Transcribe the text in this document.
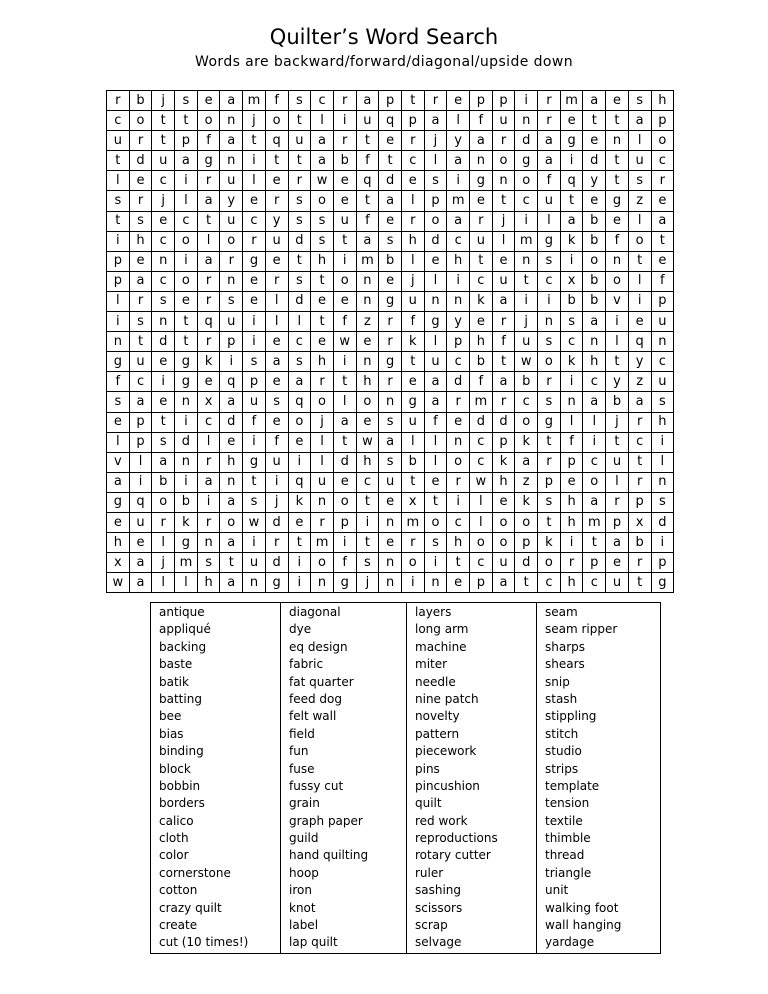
Quilter’s Word Search
Words are backward/forward/diagonal/upside down
r	b	j	s	e	a	m	f	s	c	r	a	p	t	r	e	p	p	i	r	m	a	e	s	h
c	o	t	t	o	n	j	o	t	l	i	u	q	p	a	l	f	u	n	r	e	t	t	a	p
u	r	t	p	f	a	t	q	u	a	r	t	e	r	j	y	a	r	d	a	g	e	n	l	o
t	d	u	a	g	n	i	t	t	a	b	f	t	c	l	a	n	o	g	a	i	d	t	u	c
l	e	c	i	r	u	l	e	r	w	e	q	d	e	s	i	g	n	o	f	q	y	t	s	r
s	r	j	l	a	y	e	r	s	o	e	t	a	l	p	m	e	t	c	u	t	e	g	z	e
t	s	e	c	t	u	c	y	s	s	u	f	e	r	o	a	r	j	i	l	a	b	e	l	a
i	h	c	o	l	o	r	u	d	s	t	a	s	h	d	c	u	l	m	g	k	b	f	o	t
p	e	n	i	a	r	g	e	t	h	i	m	b	l	e	h	t	e	n	s	i	o	n	t	e
p	a	c	o	r	n	e	r	s	t	o	n	e	j	l	i	c	u	t	c	x	b	o	l	f
l	r	s	e	r	s	e	l	d	e	e	n	g	u	n	n	k	a	i	i	b	b	v	i	p
i	s	n	t	q	u	i	l	l	t	f	z	r	f	g	y	e	r	j	n	s	a	i	e	u
n	t	d	t	r	p	i	e	c	e	w	e	r	k	l	p	h	f	u	s	c	n	l	q	n
g	u	e	g	k	i	s	a	s	h	i	n	g	t	u	c	b	t	w	o	k	h	t	y	c
f	c	i	g	e	q	p	e	a	r	t	h	r	e	a	d	f	a	b	r	i	c	y	z	u
s	a	e	n	x	a	u	s	q	o	l	o	n	g	a	r	m	r	c	s	n	a	b	a	s
e	p	t	i	c	d	f	e	o	j	a	e	s	u	f	e	d	d	o	g	l	l	j	r	h
l	p	s	d	l	e	i	f	e	l	t	w	a	l	l	n	c	p	k	t	f	i	t	c	i
v	l	a	n	r	h	g	u	i	l	d	h	s	b	l	o	c	k	a	r	p	c	u	t	l
a	i	b	i	a	n	t	i	q	u	e	c	u	t	e	r	w	h	z	p	e	o	l	r	n
g	q	o	b	i	a	s	j	k	n	o	t	e	x	t	i	l	e	k	s	h	a	r	p	s
e	u	r	k	r	o	w	d	e	r	p	i	n	m	o	c	l	o	o	t	h	m	p	x	d
h	e	l	g	n	a	i	r	t	m	i	t	e	r	s	h	o	o	p	k	i	t	a	b	i
x	a	j	m	s	t	u	d	i	o	f	s	n	o	i	t	c	u	d	o	r	p	e	r	p
w	a	l	l	h	a	n	g	i	n	g	j	n	i	n	e	p	a	t	c	h	c	u	t	g
antique
appliqué
backing
baste
batik
batting
bee
bias
binding
block
bobbin
borders
calico
cloth
color
cornerstone
cotton
crazy quilt
create
cut (10 times!)
diagonal
dye
eq design
fabric
fat quarter
feed dog
felt wall
field
fun
fuse
fussy cut
grain
graph paper
guild
hand quilting
hoop
iron
knot
label
lap quilt
layers
long arm
machine
miter
needle
nine patch
novelty
pattern
piecework
pins
pincushion
quilt
red work
reproductions
rotary cutter
ruler
sashing
scissors
scrap
selvage
seam
seam ripper
sharps
shears
snip
stash
stippling
stitch
studio
strips
template
tension
textile
thimble
thread
triangle
unit
walking foot
wall hanging
yardage
